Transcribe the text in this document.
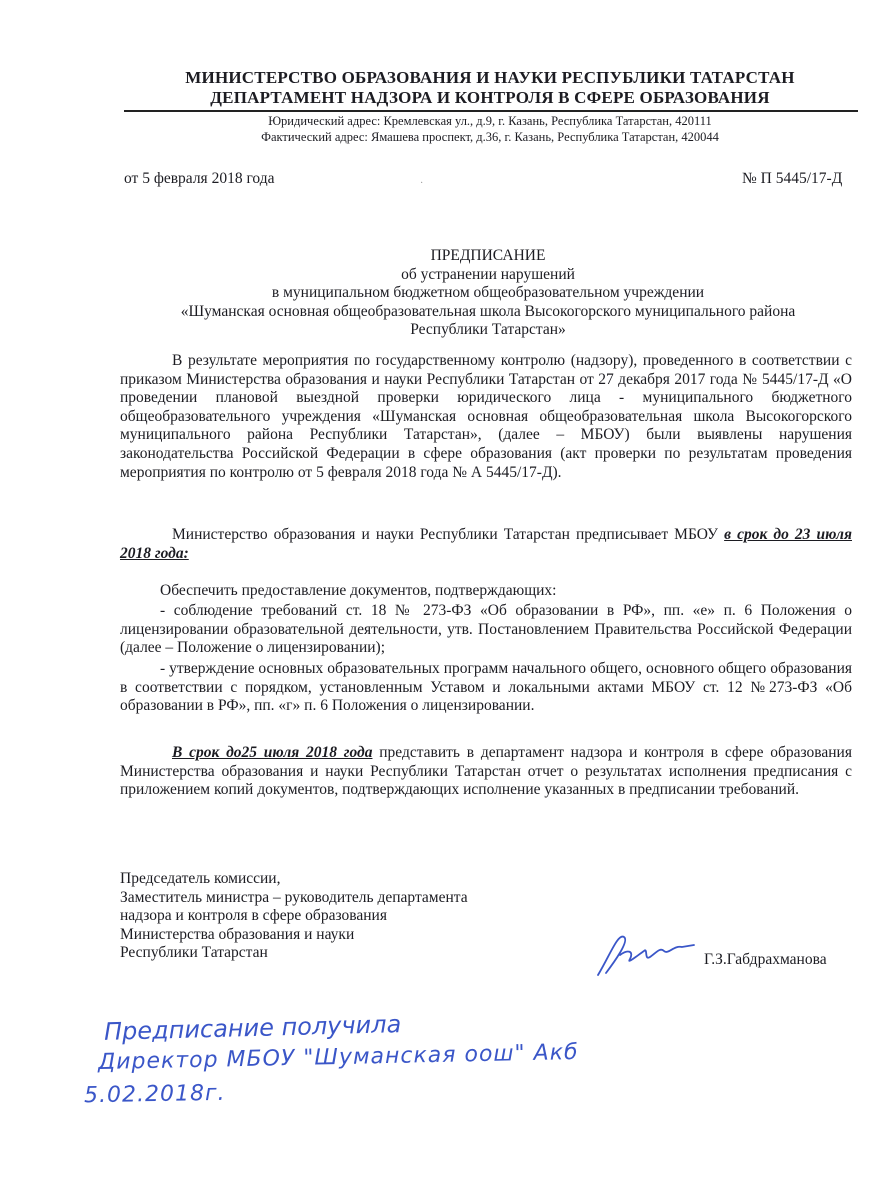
МИНИСТЕРСТВО ОБРАЗОВАНИЯ И НАУКИ РЕСПУБЛИКИ ТАТАРСТАН
ДЕПАРТАМЕНТ НАДЗОРА И КОНТРОЛЯ В СФЕРЕ ОБРАЗОВАНИЯ
Юридический адрес: Кремлевская ул., д.9, г. Казань, Республика Татарстан, 420111
Фактический адрес: Ямашева проспект, д.36, г. Казань, Республика Татарстан, 420044
от 5 февраля 2018 года	№ П 5445/17-Д
·
ПРЕДПИСАНИЕ
об устранении нарушений
в муниципальном бюджетном общеобразовательном учреждении
«Шуманская основная общеобразовательная школа Высокогорского муниципального района
Республики Татарстан»
В результате мероприятия по государственному контролю (надзору), проведенного в соответствии с приказом Министерства образования и науки Республики Татарстан от 27 декабря 2017 года № 5445/17-Д «О проведении плановой выездной проверки юридического лица - муниципального бюджетного общеобразовательного учреждения «Шуманская основная общеобразовательная школа Высокогорского муниципального района Республики Татарстан», (далее – МБОУ) были выявлены нарушения законодательства Российской Федерации в сфере образования (акт проверки по результатам проведения мероприятия по контролю от 5 февраля 2018 года № А 5445/17-Д).
Министерство образования и науки Республики Татарстан предписывает МБОУ в срок до 23 июля 2018 года:
Обеспечить предоставление документов, подтверждающих:
- соблюдение требований ст. 18 № 273-ФЗ «Об образовании в РФ», пп. «е» п. 6 Положения о лицензировании образовательной деятельности, утв. Постановлением Правительства Российской Федерации (далее – Положение о лицензировании);
- утверждение основных образовательных программ начального общего, основного общего образования в соответствии с порядком, установленным Уставом и локальными актами МБОУ ст. 12 №273-ФЗ «Об образовании в РФ», пп. «г» п. 6 Положения о лицензировании.
В срок до25 июля 2018 года представить в департамент надзора и контроля в сфере образования Министерства образования и науки Республики Татарстан отчет о результатах исполнения предписания с приложением копий документов, подтверждающих исполнение указанных в предписании требований.
Председатель комиссии,
Заместитель министра – руководитель департамента
надзора и контроля в сфере образования
Министерства образования и науки
Республики Татарстан
Gaб
Г.З.Габдрахманова
Предписание получила
Директор МБОУ "Шуманская оош" Акб
5.02.2018г.
